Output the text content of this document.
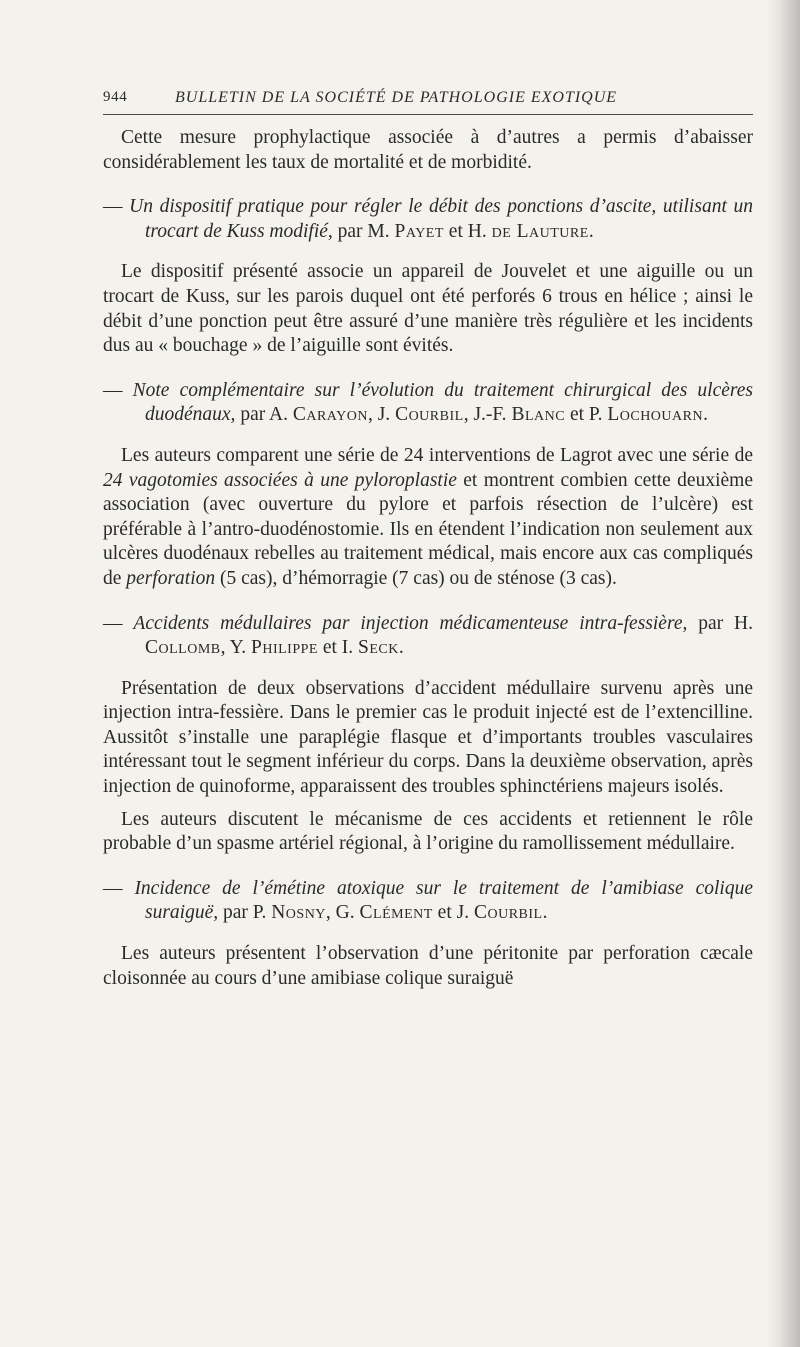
944	BULLETIN DE LA SOCIÉTÉ DE PATHOLOGIE EXOTIQUE

Cette mesure prophylactique associée à d’autres a permis d’abaisser considérablement les taux de mortalité et de morbidité.

— Un dispositif pratique pour régler le débit des ponctions d’ascite, utilisant un trocart de Kuss modifié, par M. Payet et H. de Lauture.

Le dispositif présenté associe un appareil de Jouvelet et une aiguille ou un trocart de Kuss, sur les parois duquel ont été perforés 6 trous en hélice ; ainsi le débit d’une ponction peut être assuré d’une manière très régulière et les incidents dus au « bouchage » de l’aiguille sont évités.

— Note complémentaire sur l’évolution du traitement chirurgical des ulcères duodénaux, par A. Carayon, J. Courbil, J.-F. Blanc et P. Lochouarn.

Les auteurs comparent une série de 24 interventions de Lagrot avec une série de 24 vagotomies associées à une pyloroplastie et montrent combien cette deuxième association (avec ouverture du pylore et parfois résection de l’ulcère) est préférable à l’antro-duodénostomie. Ils en étendent l’indication non seulement aux ulcères duodénaux rebelles au traitement médical, mais encore aux cas compliqués de perforation (5 cas), d’hémorragie (7 cas) ou de sténose (3 cas).

— Accidents médullaires par injection médicamenteuse intra-fessière, par H. Collomb, Y. Philippe et I. Seck.

Présentation de deux observations d’accident médullaire survenu après une injection intra-fessière. Dans le premier cas le produit injecté est de l’extencilline. Aussitôt s’installe une paraplégie flasque et d’importants troubles vasculaires intéressant tout le segment inférieur du corps. Dans la deuxième observation, après injection de quinoforme, apparaissent des troubles sphinctériens majeurs isolés.

Les auteurs discutent le mécanisme de ces accidents et retiennent le rôle probable d’un spasme artériel régional, à l’origine du ramollissement médullaire.

— Incidence de l’émétine atoxique sur le traitement de l’amibiase colique suraiguë, par P. Nosny, G. Clément et J. Courbil.

Les auteurs présentent l’observation d’une péritonite par perforation cæcale cloisonnée au cours d’une amibiase colique suraiguë
